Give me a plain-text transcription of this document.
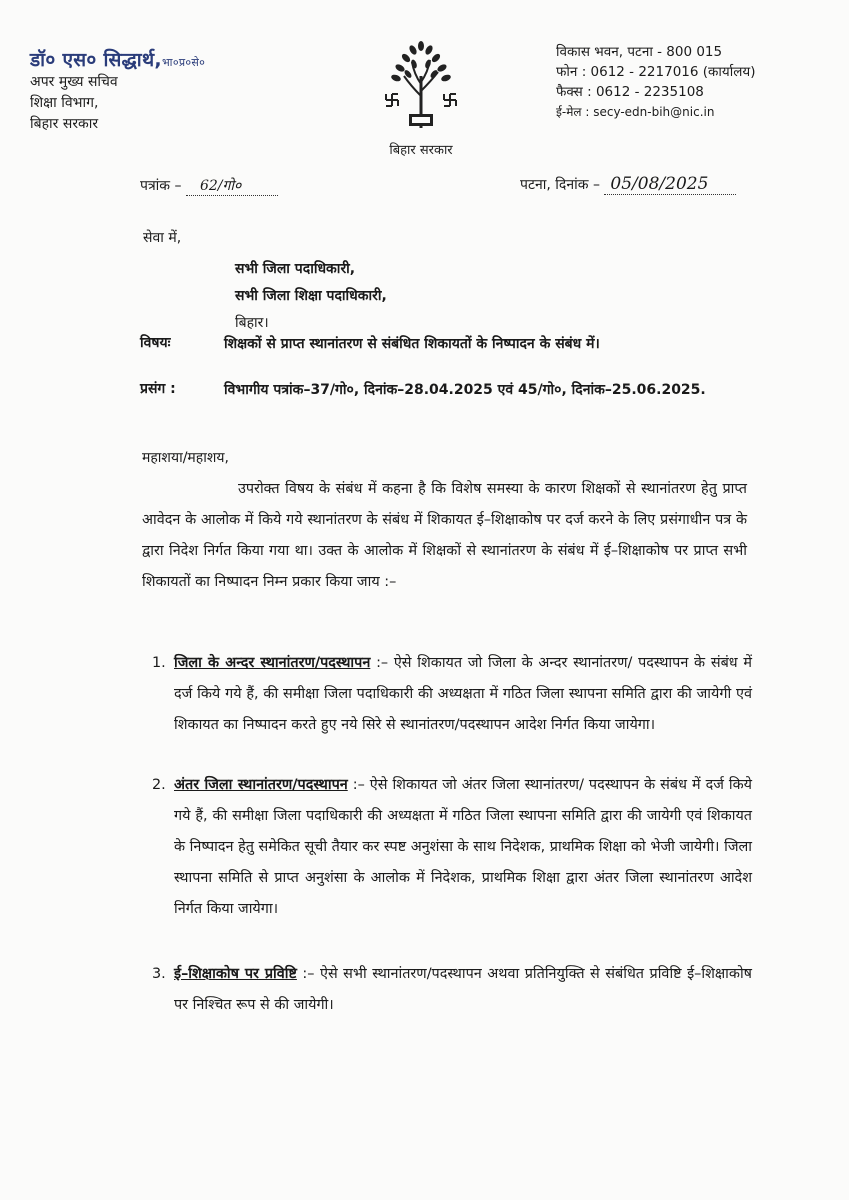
डॉ० एस० सिद्धार्थ,भा०प्र०से०
अपर मुख्य सचिव
शिक्षा विभाग,
बिहार सरकार
बिहार सरकार
विकास भवन, पटना - 800 015
फोन : 0612 - 2217016 (कार्यालय)
फैक्स : 0612 - 2235108
ई-मेल : secy-edn-bih@nic.in
पत्रांक – 62/गो०	पटना, दिनांक – 05/08/2025
सेवा में,
सभी जिला पदाधिकारी,
सभी जिला शिक्षा पदाधिकारी,
बिहार।
विषयः	शिक्षकों से प्राप्त स्थानांतरण से संबंधित शिकायतों के निष्पादन के संबंध में।
प्रसंग :	विभागीय पत्रांक–37/गो०, दिनांक–28.04.2025 एवं 45/गो०, दिनांक–25.06.2025.
महाशया/महाशय,
उपरोक्त विषय के संबंध में कहना है कि विशेष समस्या के कारण शिक्षकों से स्थानांतरण हेतु प्राप्त आवेदन के आलोक में किये गये स्थानांतरण के संबंध में शिकायत ई–शिक्षाकोष पर दर्ज करने के लिए प्रसंगाधीन पत्र के द्वारा निदेश निर्गत किया गया था। उक्त के आलोक में शिक्षकों से स्थानांतरण के संबंध में ई–शिक्षाकोष पर प्राप्त सभी शिकायतों का निष्पादन निम्न प्रकार किया जाय :–
1. जिला के अन्दर स्थानांतरण/पदस्थापन :– ऐसे शिकायत जो जिला के अन्दर स्थानांतरण/ पदस्थापन के संबंध में दर्ज किये गये हैं, की समीक्षा जिला पदाधिकारी की अध्यक्षता में गठित जिला स्थापना समिति द्वारा की जायेगी एवं शिकायत का निष्पादन करते हुए नये सिरे से स्थानांतरण/पदस्थापन आदेश निर्गत किया जायेगा।
2. अंतर जिला स्थानांतरण/पदस्थापन :– ऐसे शिकायत जो अंतर जिला स्थानांतरण/ पदस्थापन के संबंध में दर्ज किये गये हैं, की समीक्षा जिला पदाधिकारी की अध्यक्षता में गठित जिला स्थापना समिति द्वारा की जायेगी एवं शिकायत के निष्पादन हेतु समेकित सूची तैयार कर स्पष्ट अनुशंसा के साथ निदेशक, प्राथमिक शिक्षा को भेजी जायेगी। जिला स्थापना समिति से प्राप्त अनुशंसा के आलोक में निदेशक, प्राथमिक शिक्षा द्वारा अंतर जिला स्थानांतरण आदेश निर्गत किया जायेगा।
3. ई–शिक्षाकोष पर प्रविष्टि :– ऐसे सभी स्थानांतरण/पदस्थापन अथवा प्रतिनियुक्ति से संबंधित प्रविष्टि ई–शिक्षाकोष पर निश्चित रूप से की जायेगी।
